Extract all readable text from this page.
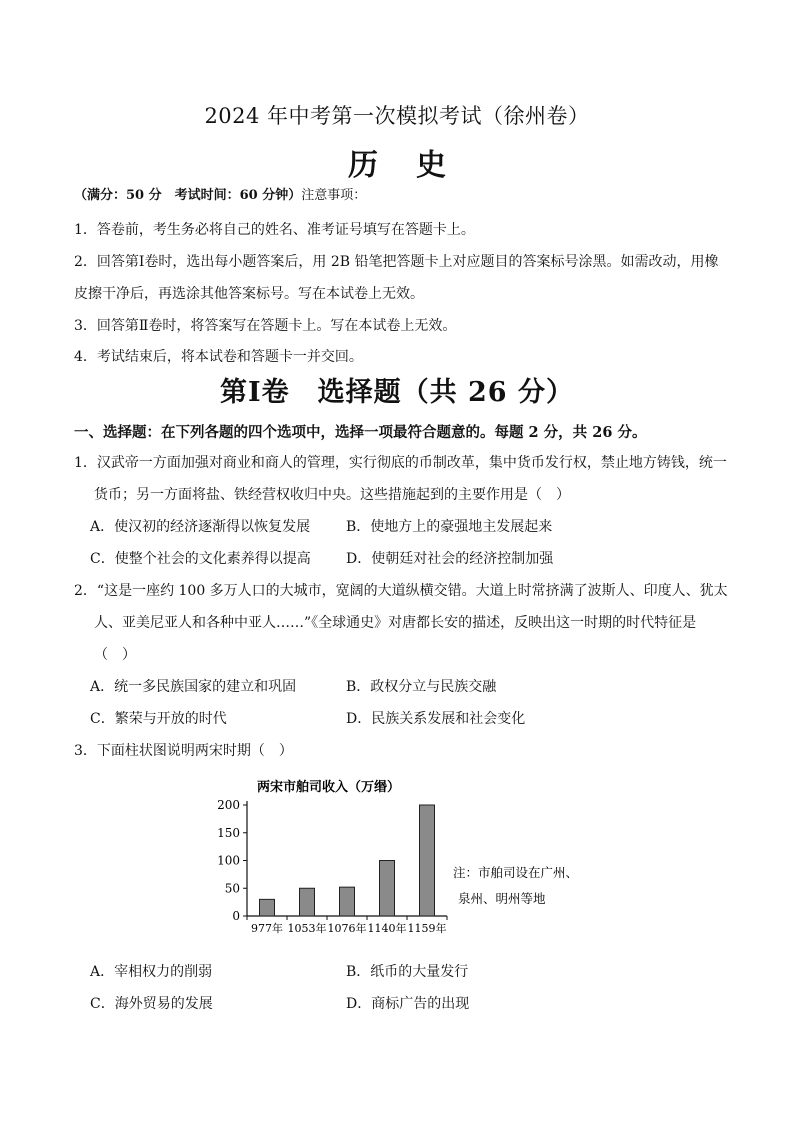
2024 年中考第一次模拟考试（徐州卷）
历史
（满分：50 分　考试时间：60 分钟）注意事项：
1．答卷前，考生务必将自己的姓名、准考证号填写在答题卡上。
2．回答第Ⅰ卷时，选出每小题答案后，用 2B 铅笔把答题卡上对应题目的答案标号涂黑。如需改动，用橡
皮擦干净后，再选涂其他答案标号。写在本试卷上无效。
3．回答第Ⅱ卷时，将答案写在答题卡上。写在本试卷上无效。
4．考试结束后，将本试卷和答题卡一并交回。
第Ⅰ卷　选择题（共 26 分）
一、选择题：在下列各题的四个选项中，选择一项最符合题意的。每题 2 分，共 26 分。
1．汉武帝一方面加强对商业和商人的管理，实行彻底的币制改革，集中货币发行权，禁止地方铸钱，统一
货币；另一方面将盐、铁经营权收归中央。这些措施起到的主要作用是（　）
A．使汉初的经济逐渐得以恢复发展	B．使地方上的豪强地主发展起来
C．使整个社会的文化素养得以提高	D．使朝廷对社会的经济控制加强
2．“这是一座约 100 多万人口的大城市，宽阔的大道纵横交错。大道上时常挤满了波斯人、印度人、犹太
人、亚美尼亚人和各种中亚人……”《全球通史》对唐都长安的描述，反映出这一时期的时代特征是
（　）
A．统一多民族国家的建立和巩固	B．政权分立与民族交融
C．繁荣与开放的时代	D．民族关系发展和社会变化
3．下面柱状图说明两宋时期（　）
两宋市舶司收入（万缗）
注：市舶司设在广州、
泉州、明州等地
0
50
100
150
200
977年 1053年 1076年 1140年 1159年
A．宰相权力的削弱	B．纸币的大量发行
C．海外贸易的发展	D．商标广告的出现
